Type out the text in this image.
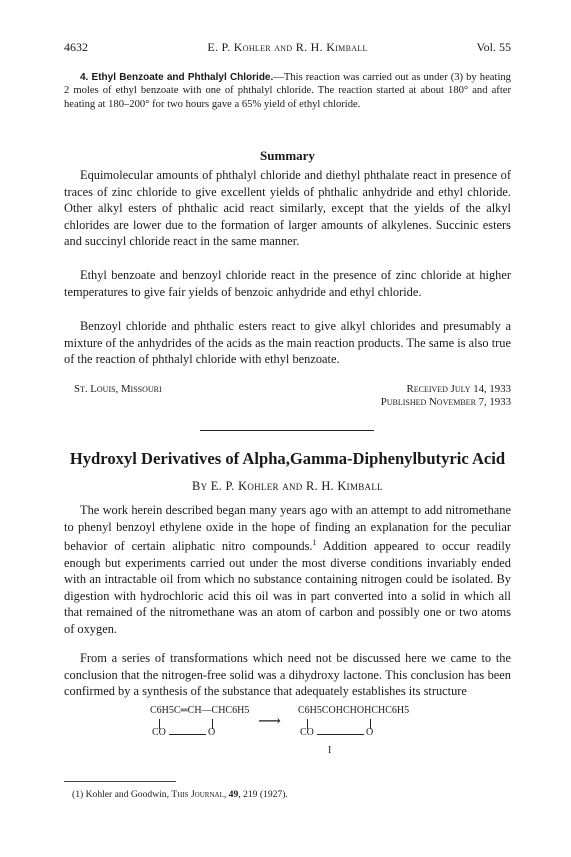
4632	E. P. Kohler and R. H. Kimball	Vol. 55

4. Ethyl Benzoate and Phthalyl Chloride.—This reaction was carried out as under (3) by heating 2 moles of ethyl benzoate with one of phthalyl chloride. The reaction started at about 180° and after heating at 180–200° for two hours gave a 65% yield of ethyl chloride.

Summary

Equimolecular amounts of phthalyl chloride and diethyl phthalate react in presence of traces of zinc chloride to give excellent yields of phthalic anhydride and ethyl chloride. Other alkyl esters of phthalic acid react similarly, except that the yields of the alkyl chlorides are lower due to the formation of larger amounts of alkylenes. Succinic esters and succinyl chloride react in the same manner.

Ethyl benzoate and benzoyl chloride react in the presence of zinc chloride at higher temperatures to give fair yields of benzoic anhydride and ethyl chloride.

Benzoyl chloride and phthalic esters react to give alkyl chlorides and presumably a mixture of the anhydrides of the acids as the main reaction products. The same is also true of the reaction of phthalyl chloride with ethyl benzoate.

St. Louis, Missouri	Received July 14, 1933
Published November 7, 1933
Hydroxyl Derivatives of Alpha,Gamma-Diphenylbutyric Acid

By E. P. Kohler and R. H. Kimball

The work herein described began many years ago with an attempt to add nitromethane to phenyl benzoyl ethylene oxide in the hope of finding an explanation for the peculiar behavior of certain aliphatic nitro compounds.$^1$ Addition appeared to occur readily enough but experiments carried out under the most diverse conditions invariably ended with an intractable oil from which no substance containing nitrogen could be isolated. By digestion with hydrochloric acid this oil was in part converted into a solid in which all that remained of the nitromethane was an atom of carbon and possibly one or two atoms of oxygen.

From a series of transformations which need not be discussed here we came to the conclusion that the nitrogen-free solid was a dihydroxy lactone. This conclusion has been confirmed by a synthesis of the substance that adequately establishes its structure

C6H5C═CH—CHC6H5
CO	O
⟶
C6H5COHCHOHCHC6H5
CO	O
I

(1) Kohler and Goodwin, This Journal, 49, 219 (1927).
